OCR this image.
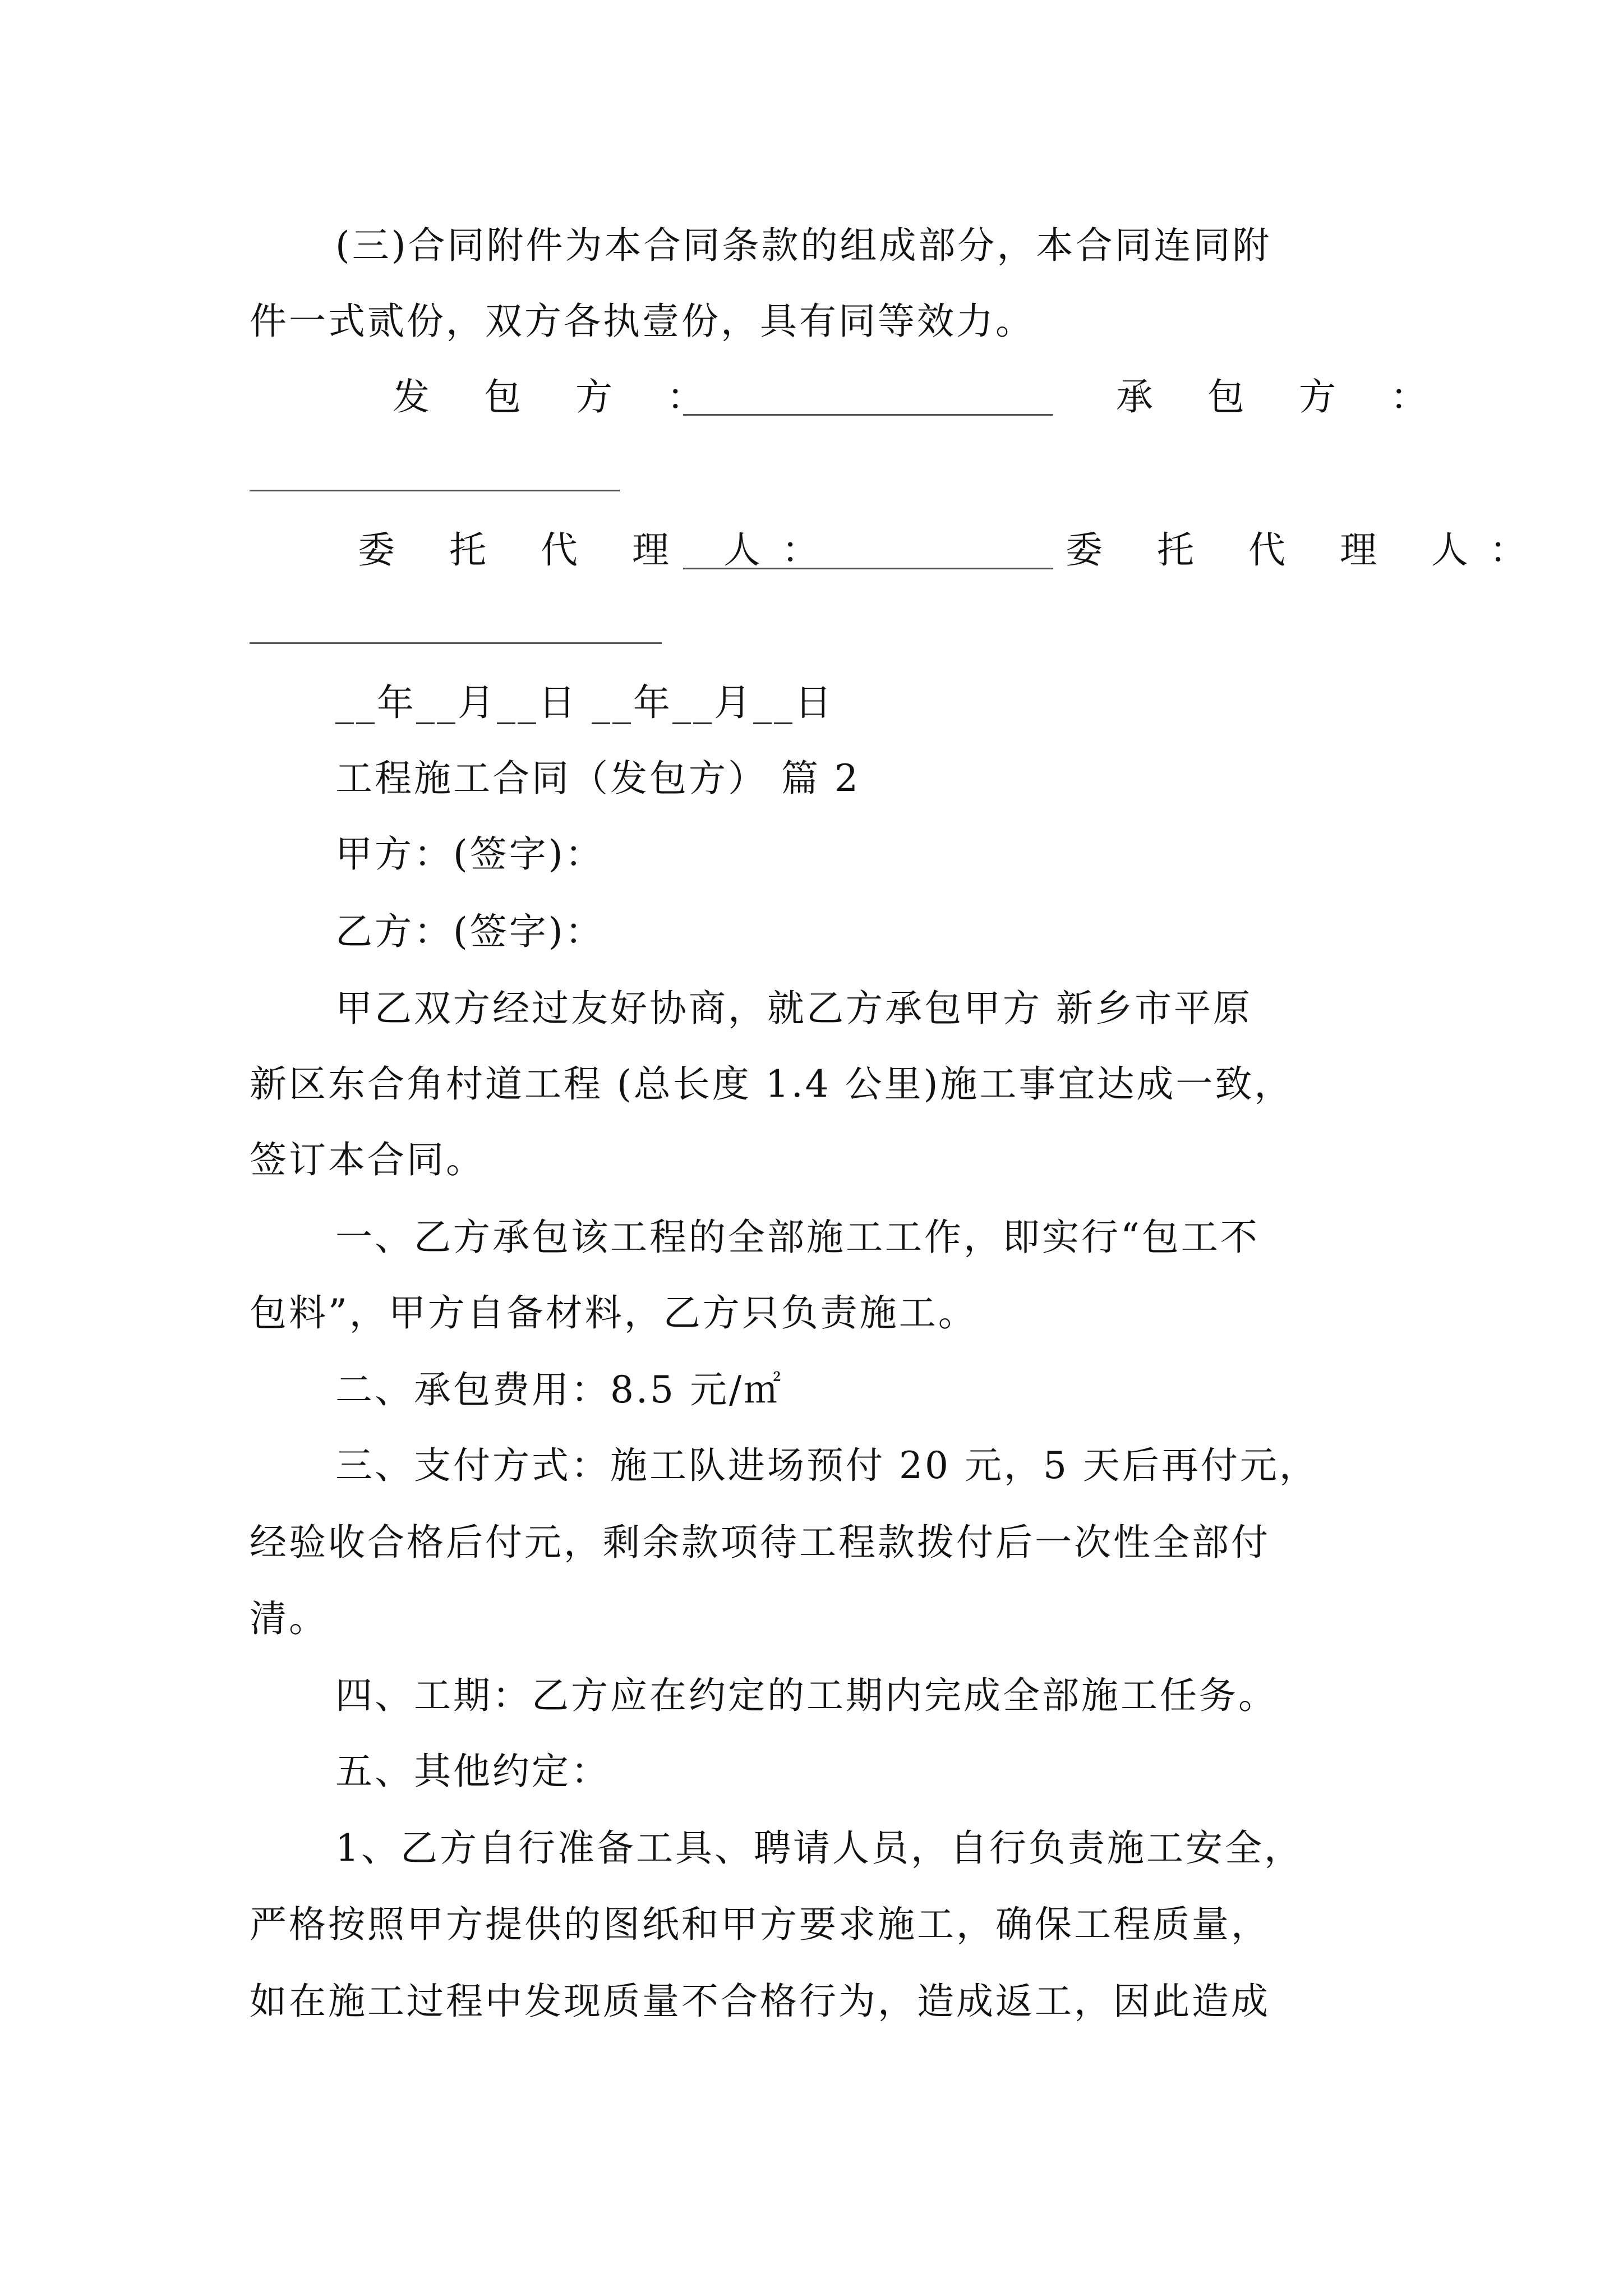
(三)合同附件为本合同条款的组成部分，本合同连同附
件一式贰份，双方各执壹份，具有同等效力。
发 包 方 ：	承 包 方 ：
委 托 代 理 人：	委 托 代 理 人：
__年__月__日 __年__月__日
工程施工合同（发包方） 篇 2
甲方：(签字)：
乙方：(签字)：
甲乙双方经过友好协商，就乙方承包甲方 新乡市平原
新区东合角村道工程 (总长度 1.4 公里)施工事宜达成一致，
签订本合同。
一、乙方承包该工程的全部施工工作，即实行“包工不
包料”，甲方自备材料，乙方只负责施工。
二、承包费用：8.5 元/㎡
三、支付方式：施工队进场预付 20 元，5 天后再付元，
经验收合格后付元，剩余款项待工程款拨付后一次性全部付
清。
四、工期：乙方应在约定的工期内完成全部施工任务。
五、其他约定：
1、乙方自行准备工具、聘请人员，自行负责施工安全，
严格按照甲方提供的图纸和甲方要求施工，确保工程质量，
如在施工过程中发现质量不合格行为，造成返工，因此造成
